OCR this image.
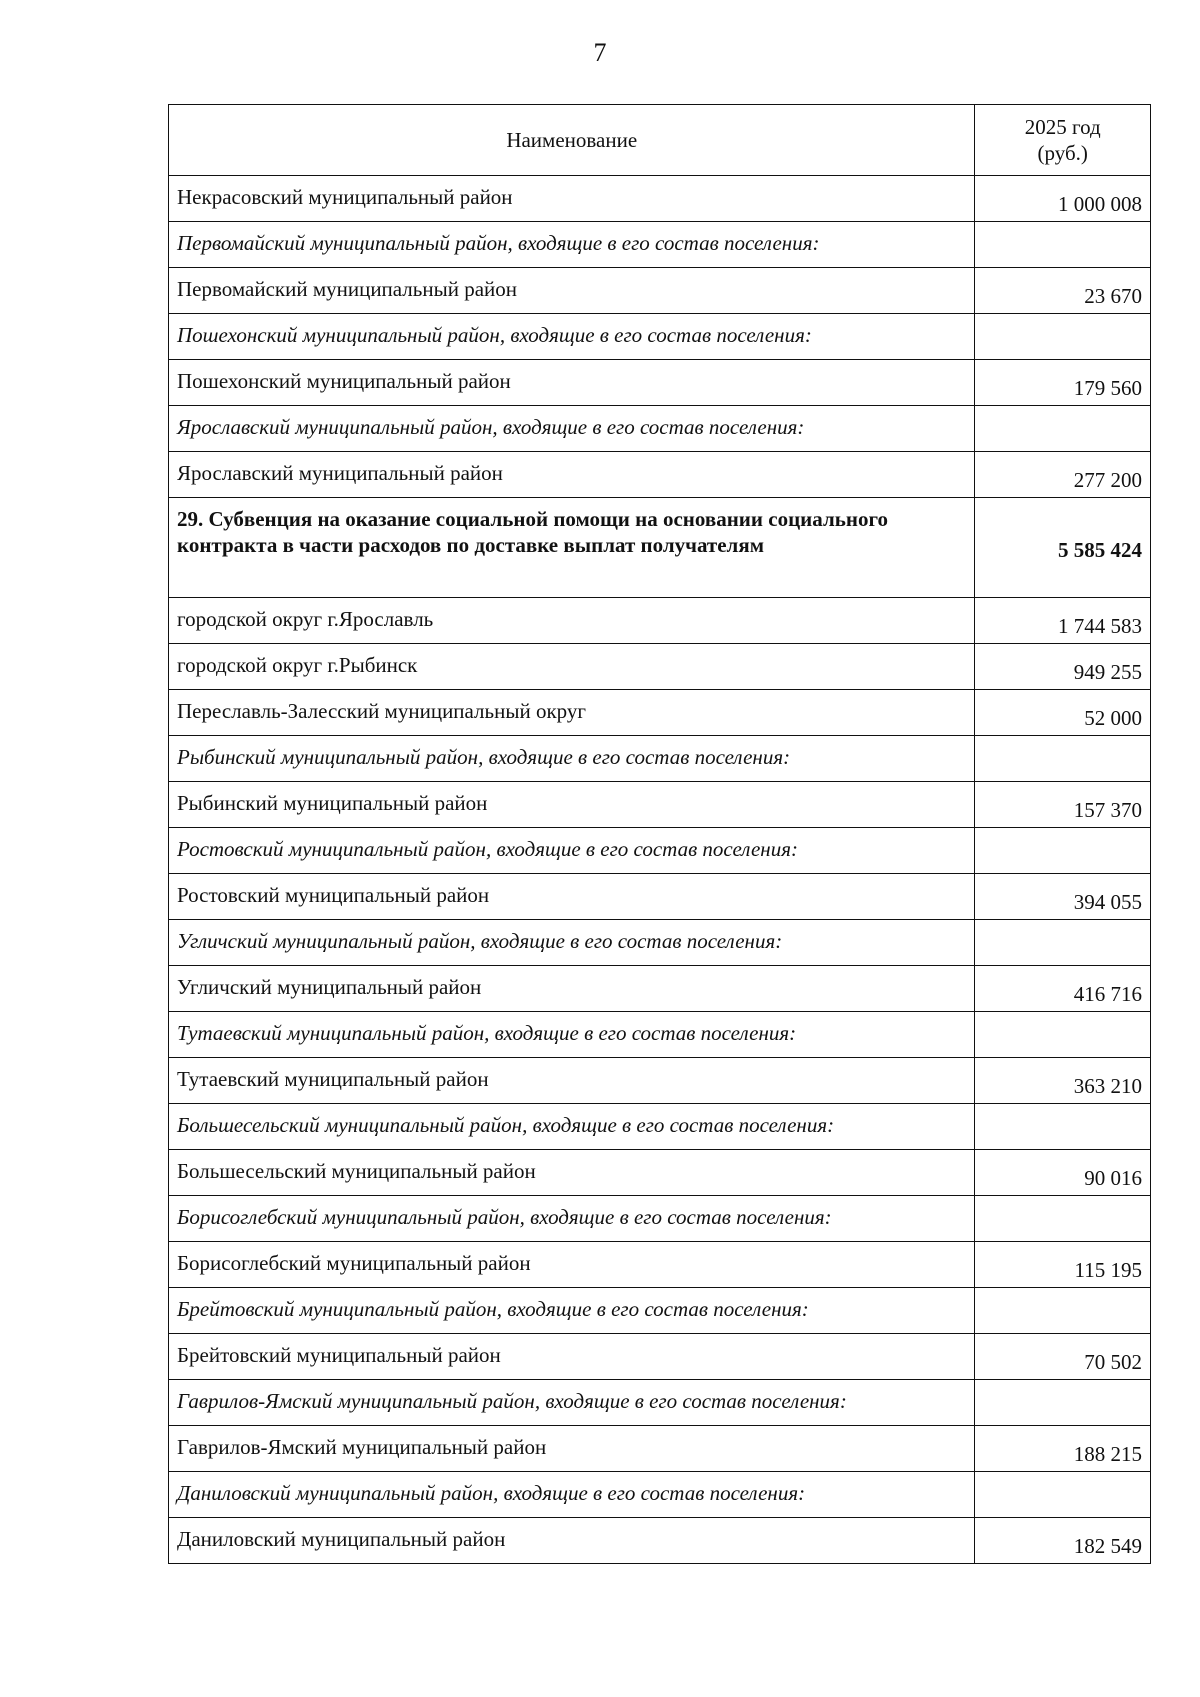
7
Наименование	2025 год
(руб.)

Некрасовский муниципальный район	1 000 008
Первомайский муниципальный район, входящие в его состав поселения:	
Первомайский муниципальный район	23 670
Пошехонский муниципальный район, входящие в его состав поселения:	
Пошехонский муниципальный район	179 560
Ярославский муниципальный район, входящие в его состав поселения:	
Ярославский муниципальный район	277 200
29. Субвенция на оказание социальной помощи на основании социального контракта в части расходов по доставке выплат получателям	5 585 424
городской округ г.Ярославль	1 744 583
городской округ г.Рыбинск	949 255
Переславль-Залесский муниципальный округ	52 000
Рыбинский муниципальный район, входящие в его состав поселения:	
Рыбинский муниципальный район	157 370
Ростовский муниципальный район, входящие в его состав поселения:	
Ростовский муниципальный район	394 055
Угличский муниципальный район, входящие в его состав поселения:	
Угличский муниципальный район	416 716
Тутаевский муниципальный район, входящие в его состав поселения:	
Тутаевский муниципальный район	363 210
Большесельский муниципальный район, входящие в его состав поселения:	
Большесельский муниципальный район	90 016
Борисоглебский муниципальный район, входящие в его состав поселения:	
Борисоглебский муниципальный район	115 195
Брейтовский муниципальный район, входящие в его состав поселения:	
Брейтовский муниципальный район	70 502
Гаврилов-Ямский муниципальный район, входящие в его состав поселения:	
Гаврилов-Ямский муниципальный район	188 215
Даниловский муниципальный район, входящие в его состав поселения:	
Даниловский муниципальный район	182 549
